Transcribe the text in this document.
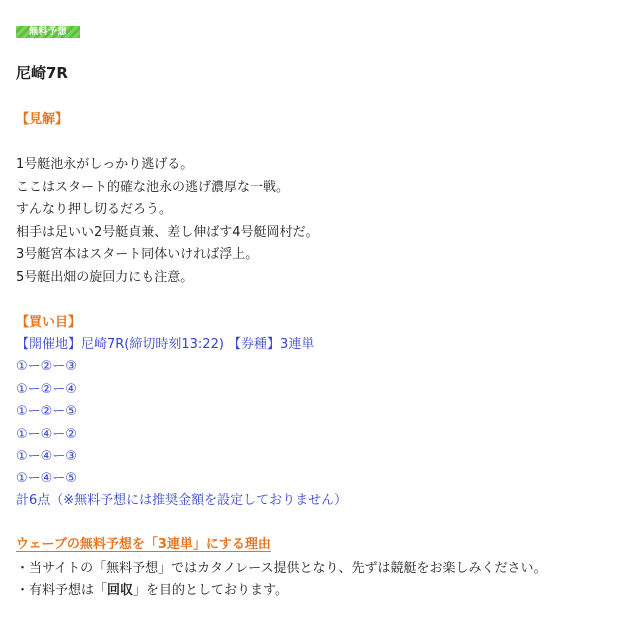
無料予想
尼崎7R
【見解】
1号艇池永がしっかり逃げる。
ここはスタート的確な池永の逃げ濃厚な一戦。
すんなり押し切るだろう。
相手は足いい2号艇貞兼、差し伸ばす4号艇岡村だ。
3号艇宮本はスタート同体いければ浮上。
5号艇出畑の旋回力にも注意。
【買い目】
【開催地】尼崎7R(締切時刻13:22) 【券種】3連単
①ー②ー③
①ー②ー④
①ー②ー⑤
①ー④ー②
①ー④ー③
①ー④ー⑤
計6点（※無料予想には推奨金額を設定しておりません）
ウェーブの無料予想を「3連単」にする理由
・当サイトの「無料予想」ではカタノレース提供となり、先ずは競艇をお楽しみください。
・有料予想は「回収」を目的としております。
